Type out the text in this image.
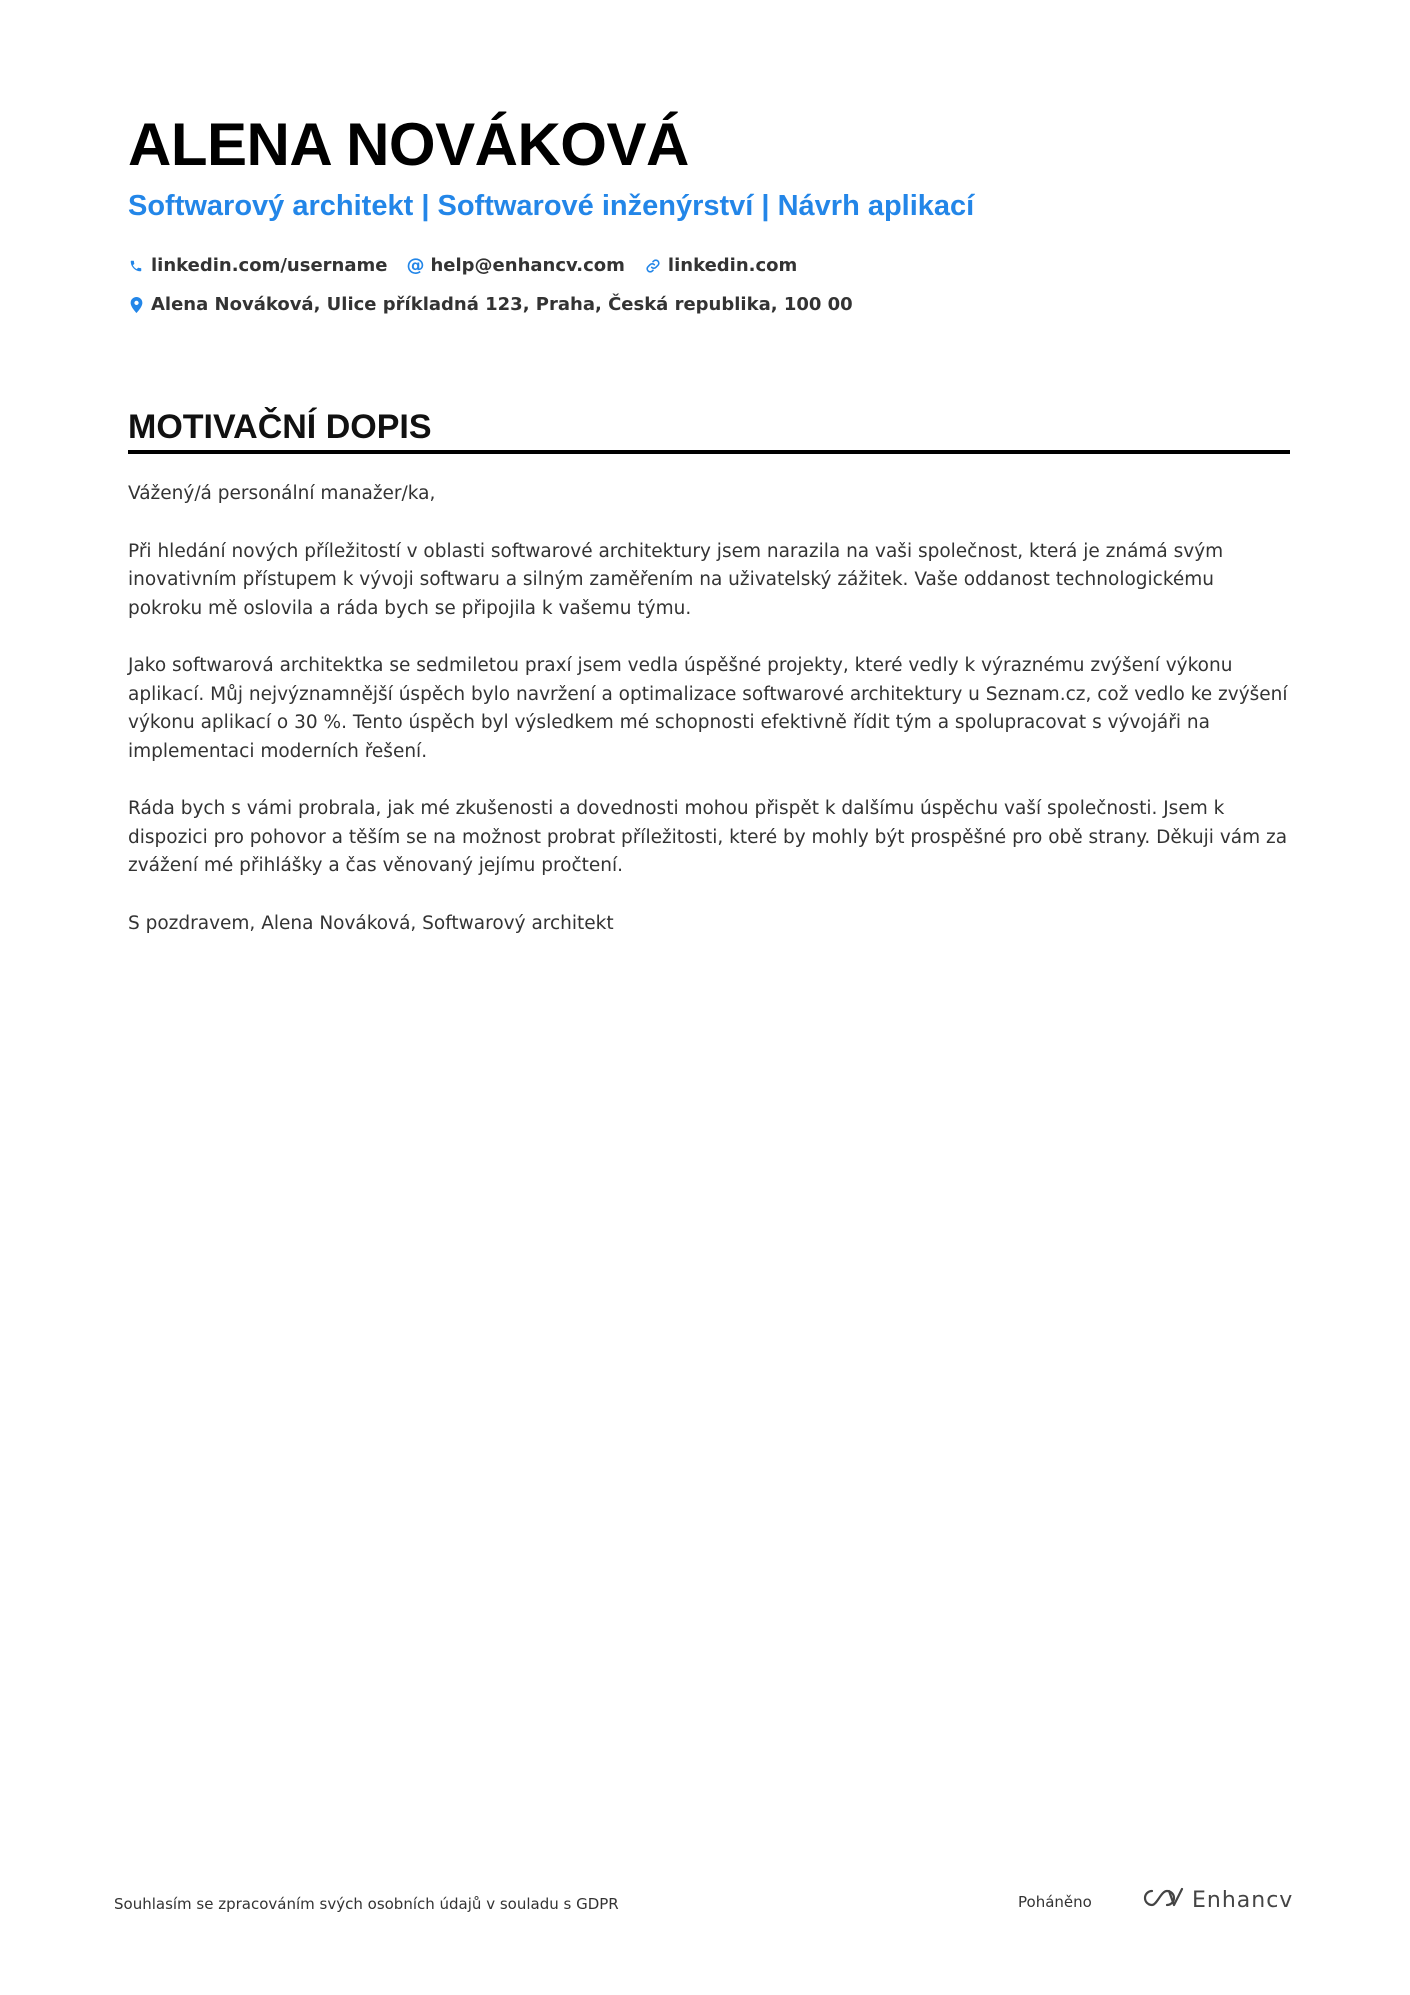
ALENA NOVÁKOVÁ
Softwarový architekt | Softwarové inženýrství | Návrh aplikací
linkedin.com/username @ help@enhancv.com linkedin.com
Alena Nováková, Ulice příkladná 123, Praha, Česká republika, 100 00
MOTIVAČNÍ DOPIS

Vážený/á personální manažer/ka,

Při hledání nových příležitostí v oblasti softwarové architektury jsem narazila na vaši společnost, která je známá svým inovativním přístupem k vývoji softwaru a silným zaměřením na uživatelský zážitek. Vaše oddanost technologickému pokroku mě oslovila a ráda bych se připojila k vašemu týmu.

Jako softwarová architektka se sedmiletou praxí jsem vedla úspěšné projekty, které vedly k výraznému zvýšení výkonu aplikací. Můj nejvýznamnější úspěch bylo navržení a optimalizace softwarové architektury u Seznam.cz, což vedlo ke zvýšení výkonu aplikací o 30 %. Tento úspěch byl výsledkem mé schopnosti efektivně řídit tým a spolupracovat s vývojáři na implementaci moderních řešení.

Ráda bych s vámi probrala, jak mé zkušenosti a dovednosti mohou přispět k dalšímu úspěchu vaší společnosti. Jsem k dispozici pro pohovor a těším se na možnost probrat příležitosti, které by mohly být prospěšné pro obě strany. Děkuji vám za zvážení mé přihlášky a čas věnovaný jejímu pročtení.

S pozdravem, Alena Nováková, Softwarový architekt

Souhlasím se zpracováním svých osobních údajů v souladu s GDPR	Poháněno	Enhancv
